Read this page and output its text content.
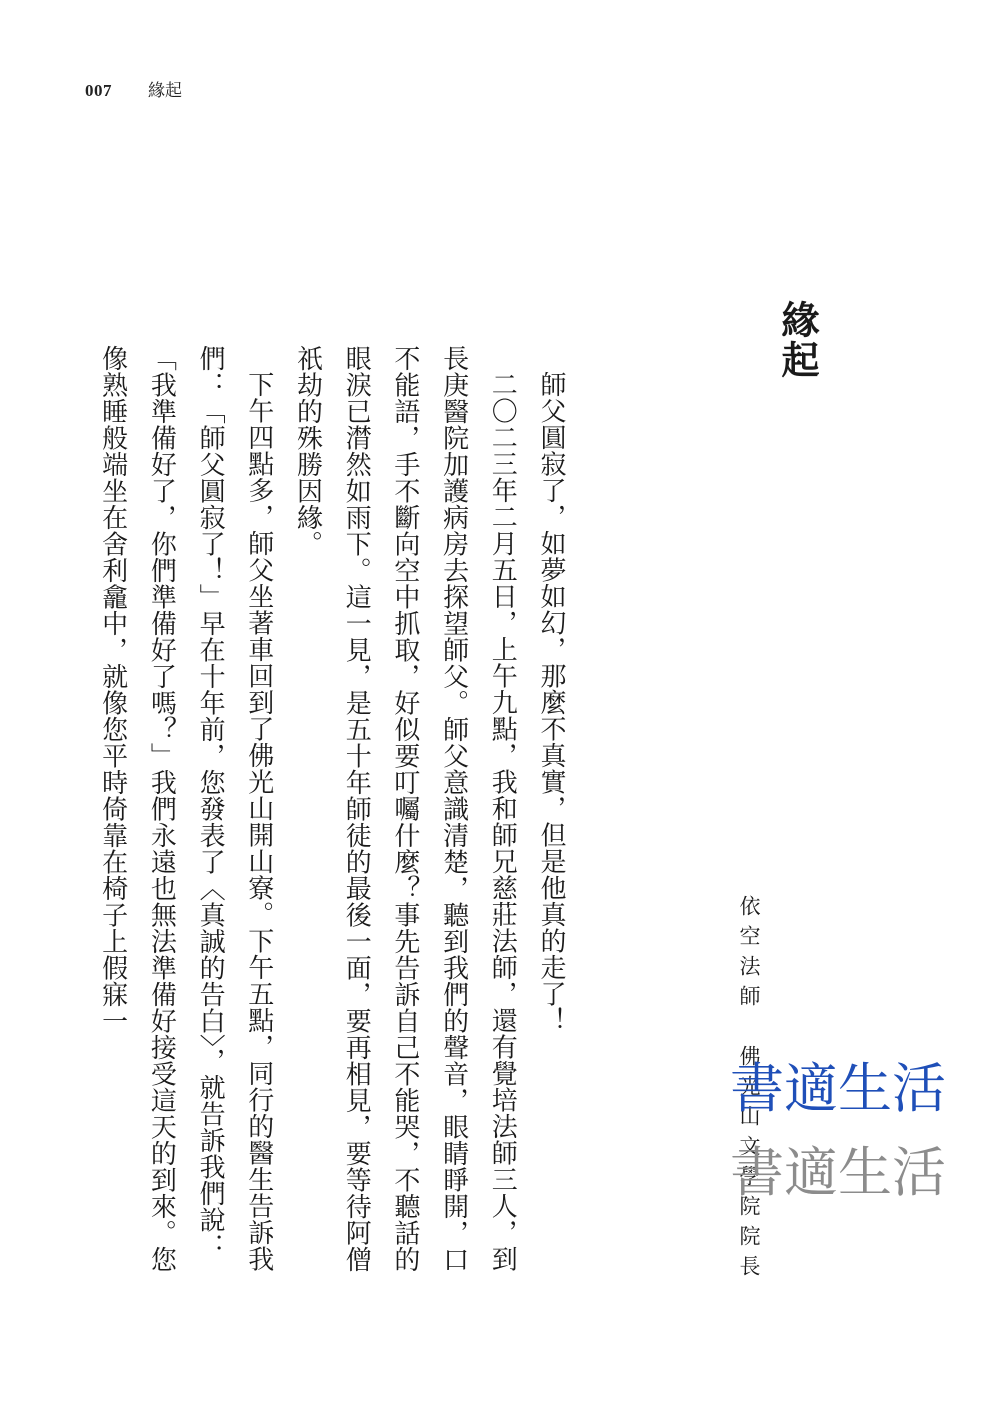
007 緣起
緣起
依空法師　佛光山文學院院長

師父圓寂了，如夢如幻，那麼不真實，但是他真的走了！

二〇二三年二月五日，上午九點，我和師兄慈莊法師，還有覺培法師三人，到長庚醫院加護病房去探望師父。師父意識清楚，聽到我們的聲音，眼睛睜開，口不能語，手不斷向空中抓取，好似要叮囑什麼？事先告訴自己不能哭，不聽話的眼淚已潸然如雨下。這一見，是五十年師徒的最後一面，要再相見，要等待阿僧祇劫的殊勝因緣。

下午四點多，師父坐著車回到了佛光山開山寮。下午五點，同行的醫生告訴我們：「師父圓寂了！」早在十年前，您發表了〈真誠的告白〉，就告訴我們說：「我準備好了，你們準備好了嗎？」我們永遠也無法準備好接受這天的到來。您像熟睡般端坐在舍利龕中，就像您平時倚靠在椅子上假寐一

書適生活
書適生活
